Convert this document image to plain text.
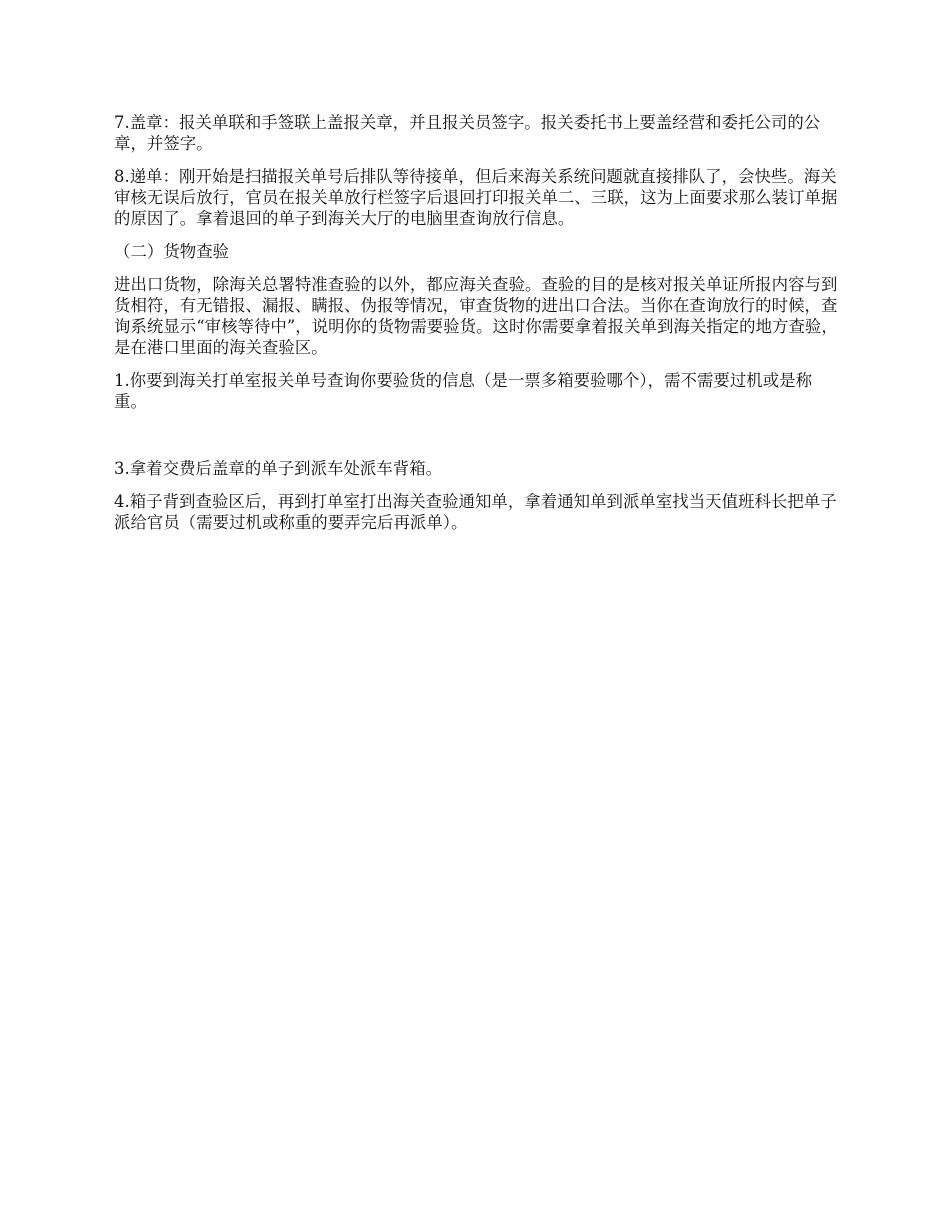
7.盖章：报关单联和手签联上盖报关章，并且报关员签字。报关委托书上要盖经营和委托公司的公章，并签字。

8.递单：刚开始是扫描报关单号后排队等待接单，但后来海关系统问题就直接排队了，会快些。海关审核无误后放行，官员在报关单放行栏签字后退回打印报关单二、三联，这为上面要求那么装订单据的原因了。拿着退回的单子到海关大厅的电脑里查询放行信息。

（二）货物查验

进出口货物，除海关总署特准查验的以外，都应海关查验。查验的目的是核对报关单证所报内容与到货相符，有无错报、漏报、瞒报、伪报等情况，审查货物的进出口合法。当你在查询放行的时候，查询系统显示“审核等待中”，说明你的货物需要验货。这时你需要拿着报关单到海关指定的地方查验，是在港口里面的海关查验区。

1.你要到海关打单室报关单号查询你要验货的信息（是一票多箱要验哪个），需不需要过机或是称重。

3.拿着交费后盖章的单子到派车处派车背箱。

4.箱子背到查验区后，再到打单室打出海关查验通知单，拿着通知单到派单室找当天值班科长把单子派给官员（需要过机或称重的要弄完后再派单）。
